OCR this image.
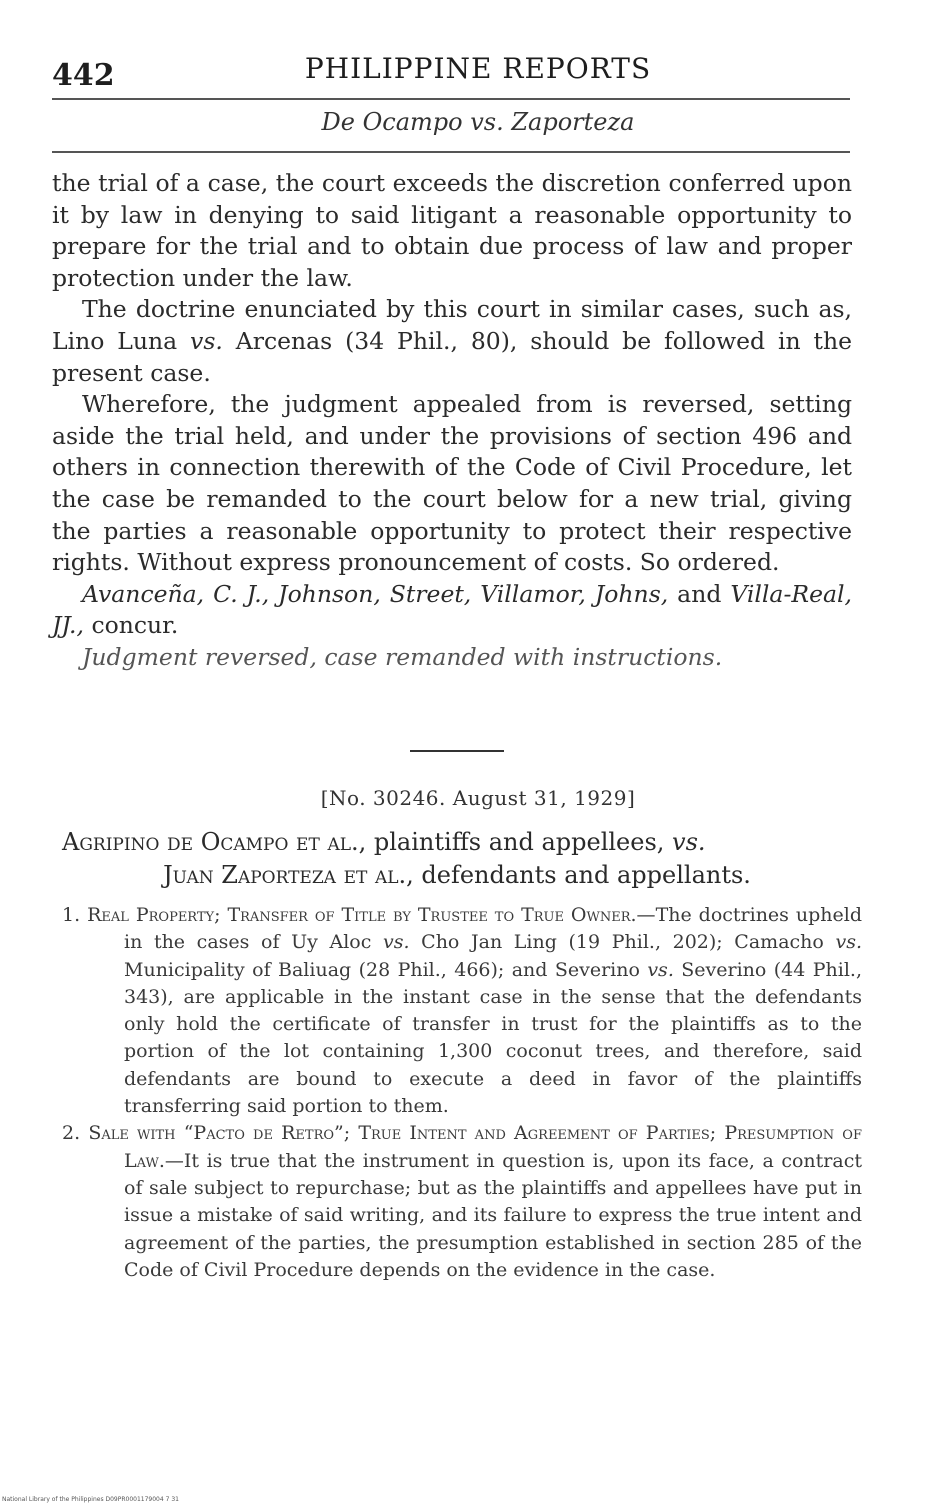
442	PHILIPPINE REPORTS
De Ocampo vs. Zaporteza

the trial of a case, the court exceeds the discretion conferred upon it by law in denying to said litigant a reasonable opportunity to prepare for the trial and to obtain due process of law and proper protection under the law.

The doctrine enunciated by this court in similar cases, such as, Lino Luna vs. Arcenas (34 Phil., 80), should be followed in the present case.

Wherefore, the judgment appealed from is reversed, setting aside the trial held, and under the provisions of section 496 and others in connection therewith of the Code of Civil Procedure, let the case be remanded to the court below for a new trial, giving the parties a reasonable opportunity to protect their respective rights. Without express pronouncement of costs. So ordered.

Avanceña, C. J., Johnson, Street, Villamor, Johns, and Villa-Real, JJ., concur.

Judgment reversed, case remanded with instructions.

[No. 30246. August 31, 1929]
Agripino de Ocampo et al., plaintiffs and appellees, vs.
Juan Zaporteza et al., defendants and appellants.

1. Real Property; Transfer of Title by Trustee to True Owner.—The doctrines upheld in the cases of Uy Aloc vs. Cho Jan Ling (19 Phil., 202); Camacho vs. Municipality of Baliuag (28 Phil., 466); and Severino vs. Severino (44 Phil., 343), are applicable in the instant case in the sense that the defendants only hold the certificate of transfer in trust for the plaintiffs as to the portion of the lot containing 1,300 coconut trees, and therefore, said defendants are bound to execute a deed in favor of the plaintiffs transferring said portion to them.

2. Sale with “Pacto de Retro”; True Intent and Agreement of Parties; Presumption of Law.—It is true that the instrument in question is, upon its face, a contract of sale subject to repurchase; but as the plaintiffs and appellees have put in issue a mistake of said writing, and its failure to express the true intent and agreement of the parties, the presumption established in section 285 of the Code of Civil Procedure depends on the evidence in the case.

National Library of the Philippines D09PR0001179004 7 31
